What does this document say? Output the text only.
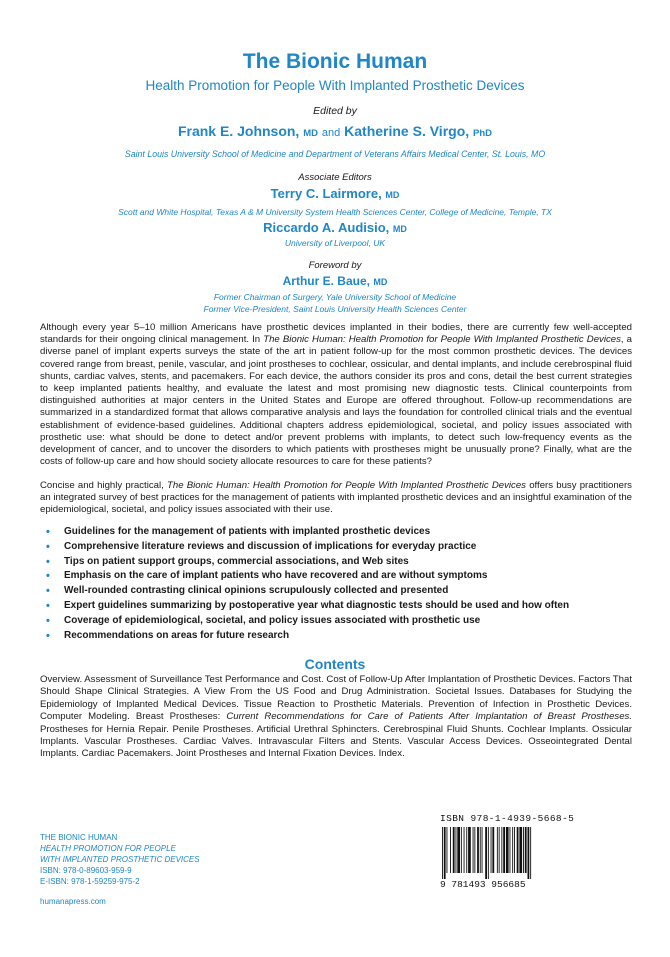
The Bionic Human
Health Promotion for People With Implanted Prosthetic Devices
Edited by
Frank E. Johnson, MD and Katherine S. Virgo, PhD
Saint Louis University School of Medicine and Department of Veterans Affairs Medical Center, St. Louis, MO
Associate Editors
Terry C. Lairmore, MD
Scott and White Hospital, Texas A & M University System Health Sciences Center, College of Medicine, Temple, TX
Riccardo A. Audisio, MD
University of Liverpool, UK
Foreword by
Arthur E. Baue, MD
Former Chairman of Surgery, Yale University School of Medicine
Former Vice-President, Saint Louis University Health Sciences Center

Although every year 5–10 million Americans have prosthetic devices implanted in their bodies, there are currently few well-accepted standards for their ongoing clinical management. In The Bionic Human: Health Promotion for People With Implanted Prosthetic Devices, a diverse panel of implant experts surveys the state of the art in patient follow-up for the most common prosthetic devices. The devices covered range from breast, penile, vascular, and joint prostheses to cochlear, ossicular, and dental implants, and include cerebrospinal fluid shunts, cardiac valves, stents, and pacemakers. For each device, the authors consider its pros and cons, detail the best current strategies to keep implanted patients healthy, and evaluate the latest and most promising new diagnostic tests. Clinical counterpoints from distinguished authorities at major centers in the United States and Europe are offered throughout. Follow-up recommendations are summarized in a standardized format that allows comparative analysis and lays the foundation for controlled clinical trials and the eventual establishment of evidence-based guidelines. Additional chapters address epidemiological, societal, and policy issues associated with prosthetic use: what should be done to detect and/or prevent problems with implants, to detect such low-frequency events as the development of cancer, and to uncover the disorders to which patients with prostheses might be unusually prone? Finally, what are the costs of follow-up care and how should society allocate resources to care for these patients?

Concise and highly practical, The Bionic Human: Health Promotion for People With Implanted Prosthetic Devices offers busy practitioners an integrated survey of best practices for the management of patients with implanted prosthetic devices and an insightful examination of the epidemiological, societal, and policy issues associated with their use.

• Guidelines for the management of patients with implanted prosthetic devices
• Comprehensive literature reviews and discussion of implications for everyday practice
• Tips on patient support groups, commercial associations, and Web sites
• Emphasis on the care of implant patients who have recovered and are without symptoms
• Well-rounded contrasting clinical opinions scrupulously collected and presented
• Expert guidelines summarizing by postoperative year what diagnostic tests should be used and how often
• Coverage of epidemiological, societal, and policy issues associated with prosthetic use
• Recommendations on areas for future research
Contents

Overview. Assessment of Surveillance Test Performance and Cost. Cost of Follow-Up After Implantation of Prosthetic Devices. Factors That Should Shape Clinical Strategies. A View From the US Food and Drug Administration. Societal Issues. Databases for Studying the Epidemiology of Implanted Medical Devices. Tissue Reaction to Prosthetic Materials. Prevention of Infection in Prosthetic Devices. Computer Modeling. Breast Prostheses: Current Recommendations for Care of Patients After Implantation of Breast Prostheses. Prostheses for Hernia Repair. Penile Prostheses. Artificial Urethral Sphincters. Cerebrospinal Fluid Shunts. Cochlear Implants. Ossicular Implants. Vascular Prostheses. Cardiac Valves. Intravascular Filters and Stents. Vascular Access Devices. Osseointegrated Dental Implants. Cardiac Pacemakers. Joint Prostheses and Internal Fixation Devices. Index.

THE BIONIC HUMAN
HEALTH PROMOTION FOR PEOPLE
WITH IMPLANTED PROSTHETIC DEVICES
ISBN: 978-0-89603-959-9
E-ISBN: 978-1-59259-975-2
humanapress.com
ISBN 978-1-4939-5668-5
9 781493 956685
